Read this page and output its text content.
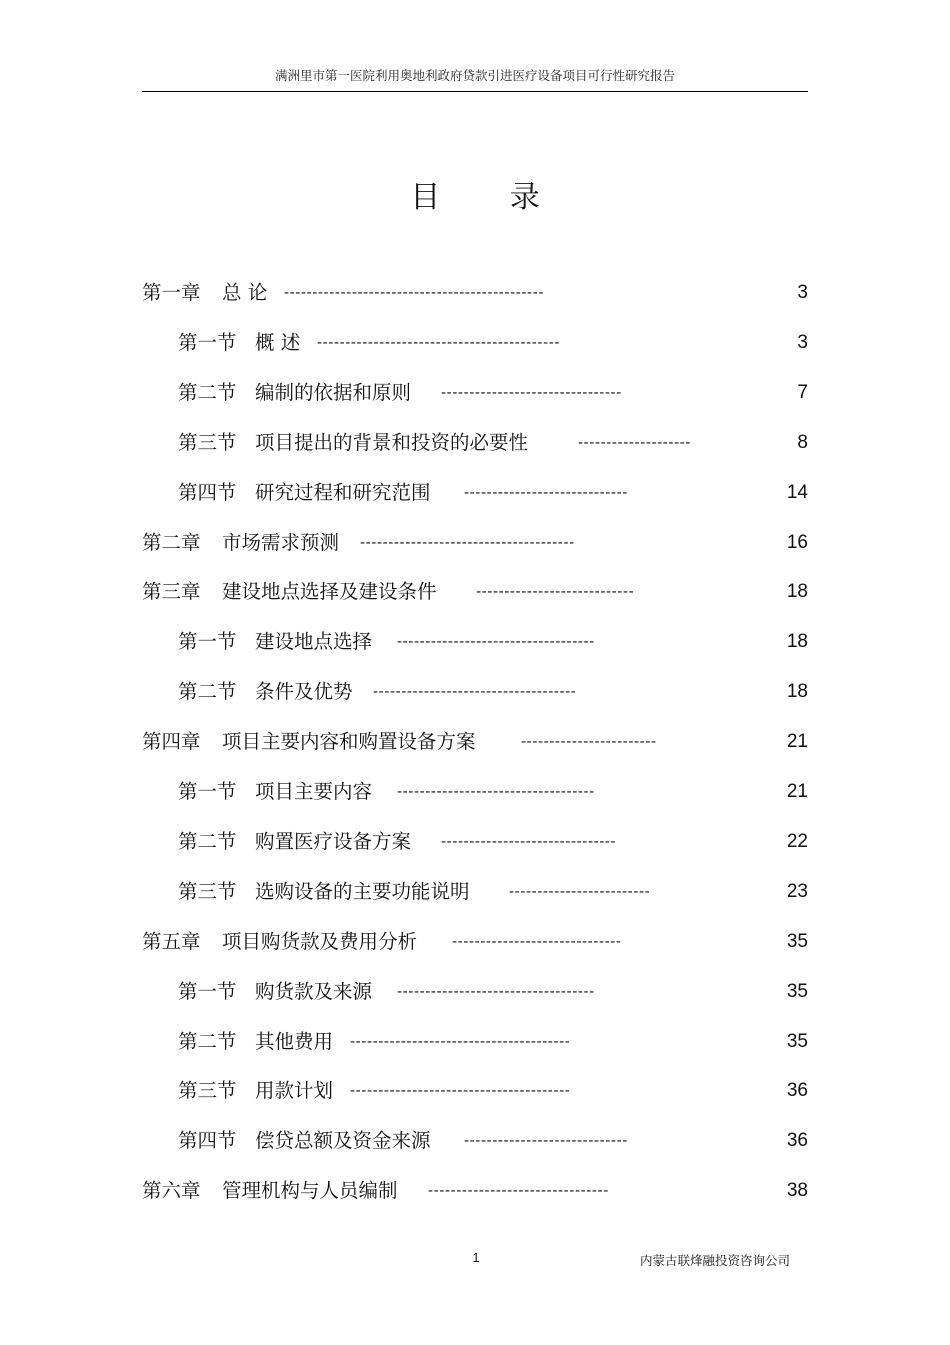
满洲里市第一医院利用奥地利政府贷款引进医疗设备项目可行性研究报告
目 录
第一章 总 论 ----------------------------------------------	3
第一节 概 述 -------------------------------------------	3
第二节 编制的依据和原则 --------------------------------	7
第三节 项目提出的背景和投资的必要性	--------------------	8
第四节 研究过程和研究范围 -----------------------------	14
第二章 市场需求预测 --------------------------------------	16
第三章 建设地点选择及建设条件	----------------------------	18
第一节 建设地点选择 -----------------------------------	18
第二节 条件及优势 ------------------------------------	18
第四章 项目主要内容和购置设备方案	------------------------	21
第一节 项目主要内容 -----------------------------------	21
第二节 购置医疗设备方案 -------------------------------	22
第三节 选购设备的主要功能说明	-------------------------	23
第五章 项目购货款及费用分析 ------------------------------	35
第一节 购货款及来源 -----------------------------------	35
第二节 其他费用 ---------------------------------------	35
第三节 用款计划 ---------------------------------------	36
第四节 偿贷总额及资金来源 -----------------------------	36
第六章 管理机构与人员编制 --------------------------------	38
1	内蒙古联烽融投资咨询公司
